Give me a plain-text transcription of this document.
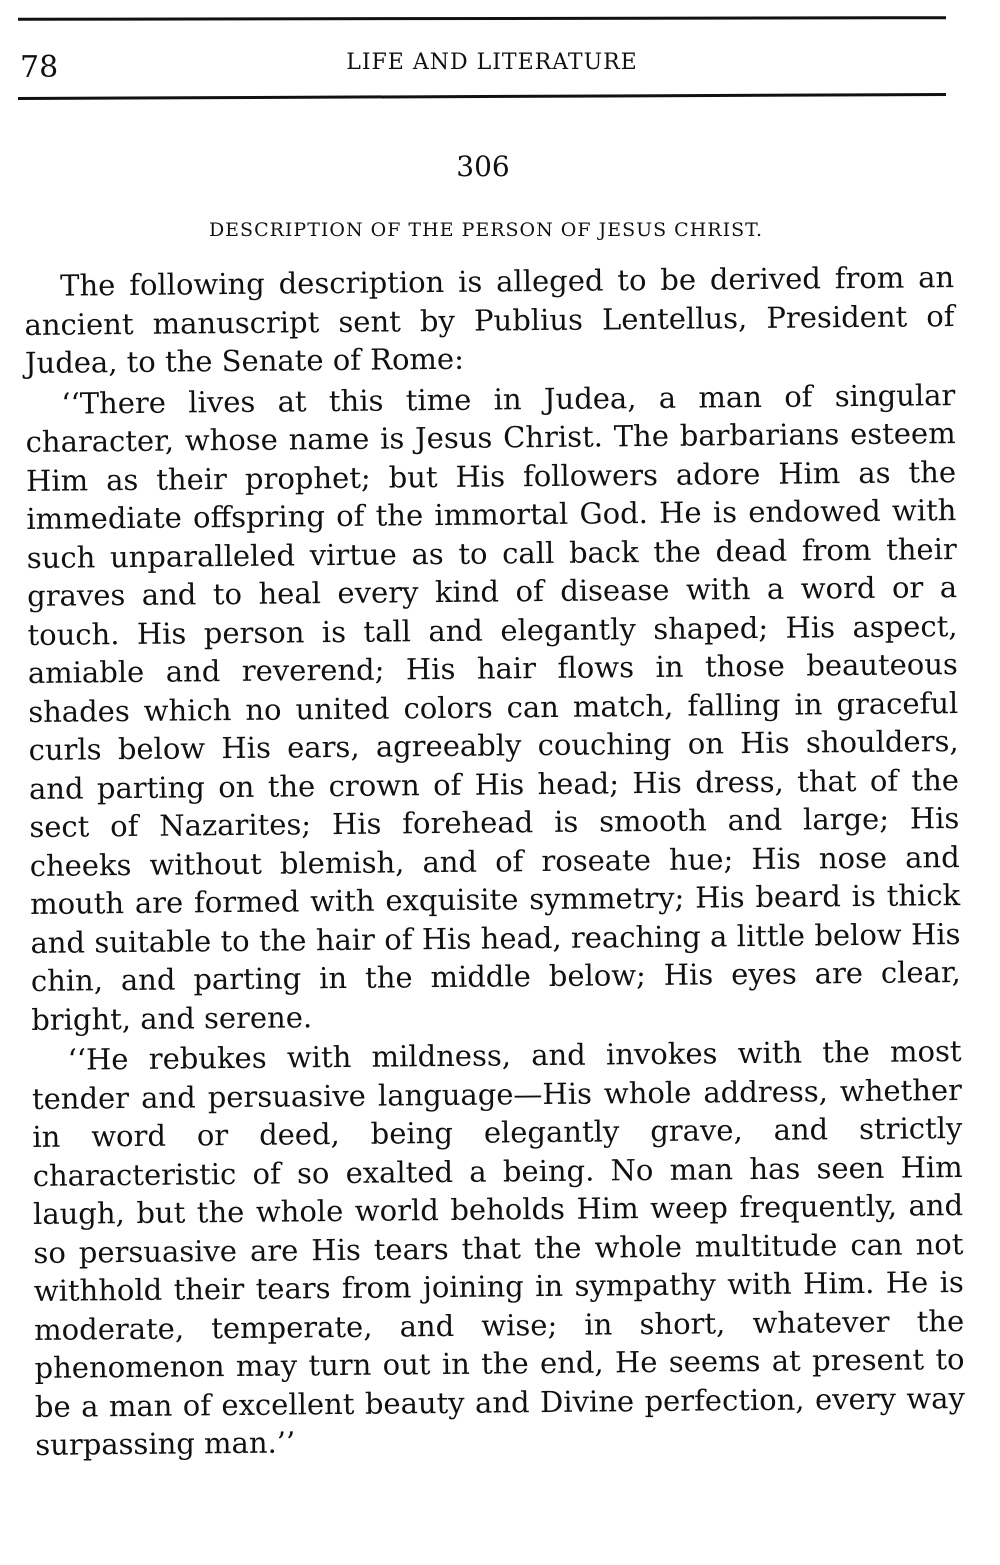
78	LIFE AND LITERATURE
306
DESCRIPTION OF THE PERSON OF JESUS CHRIST.

The following description is alleged to be derived from an ancient manuscript sent by Publius Lentellus, President of Judea, to the Senate of Rome:

‘‘There lives at this time in Judea, a man of singular character, whose name is Jesus Christ. The barbarians esteem Him as their prophet; but His followers adore Him as the immediate offspring of the immortal God. He is endowed with such unparalleled virtue as to call back the dead from their graves and to heal every kind of disease with a word or a touch. His person is tall and elegantly shaped; His aspect, amiable and reverend; His hair flows in those beauteous shades which no united colors can match, falling in graceful curls below His ears, agreeably couching on His shoulders, and parting on the crown of His head; His dress, that of the sect of Nazarites; His forehead is smooth and large; His cheeks without blemish, and of roseate hue; His nose and mouth are formed with exquisite symmetry; His beard is thick and suitable to the hair of His head, reaching a little below His chin, and parting in the middle below; His eyes are clear, bright, and serene.

‘‘He rebukes with mildness, and invokes with the most tender and persuasive language—His whole address, whether in word or deed, being elegantly grave, and strictly characteristic of so exalted a being. No man has seen Him laugh, but the whole world beholds Him weep frequently, and so persuasive are His tears that the whole multitude can not withhold their tears from joining in sympathy with Him. He is moderate, temperate, and wise; in short, whatever the phenomenon may turn out in the end, He seems at present to be a man of excellent beauty and Divine perfection, every way surpassing man.’’
